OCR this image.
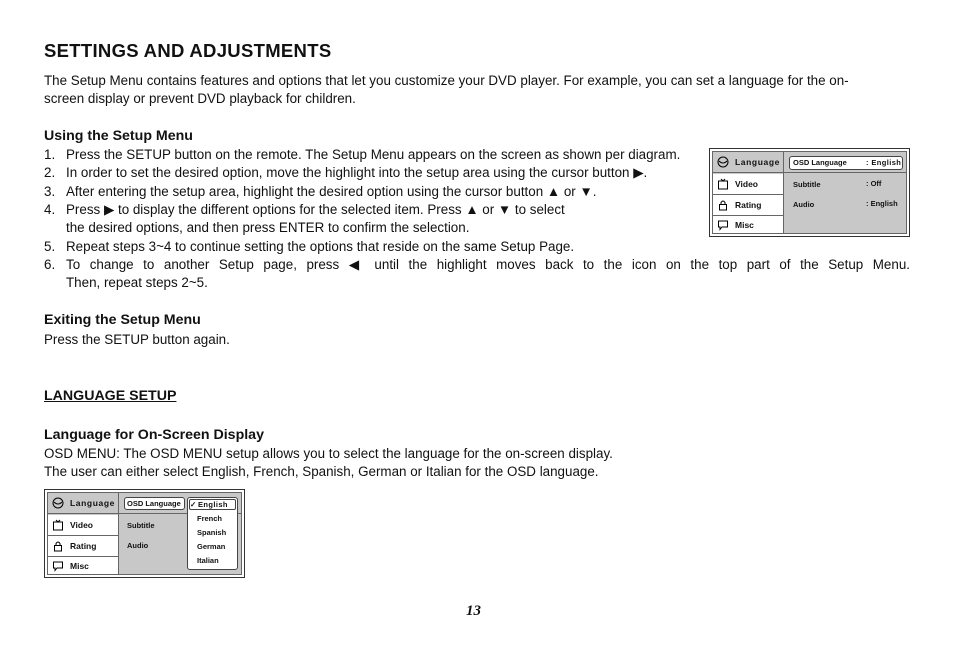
SETTINGS AND ADJUSTMENTS
The Setup Menu contains features and options that let you customize your DVD player. For example, you can set a language for the on-
screen display or prevent DVD playback for children.
Using the Setup Menu
1. Press the SETUP button on the remote. The Setup Menu appears on the screen as shown per diagram.
2. In order to set the desired option, move the highlight into the setup area using the cursor button ▶.
3. After entering the setup area, highlight the desired option using the cursor button ▲ or ▼.
4. Press ▶ to display the different options for the selected item. Press ▲ or ▼ to select
the desired options, and then press ENTER to confirm the selection.
5. Repeat steps 3~4 to continue setting the options that reside on the same Setup Page.
6. To change to another Setup page, press ◀ until the highlight moves back to the icon on the top part of the Setup Menu.
Then, repeat steps 2~5.
Exiting the Setup Menu
Press the SETUP button again.
LANGUAGE SETUP
Language for On-Screen Display
OSD MENU: The OSD MENU setup allows you to select the language for the on-screen display.
The user can either select English, French, Spanish, German or Italian for the OSD language.
Language
Video
Rating
Misc
OSD Language	: English
Subtitle	: Off
Audio	: English
Language
Video
Rating
Misc
OSD Language
Subtitle
Audio
✓ English
French
Spanish
German
Italian
13
